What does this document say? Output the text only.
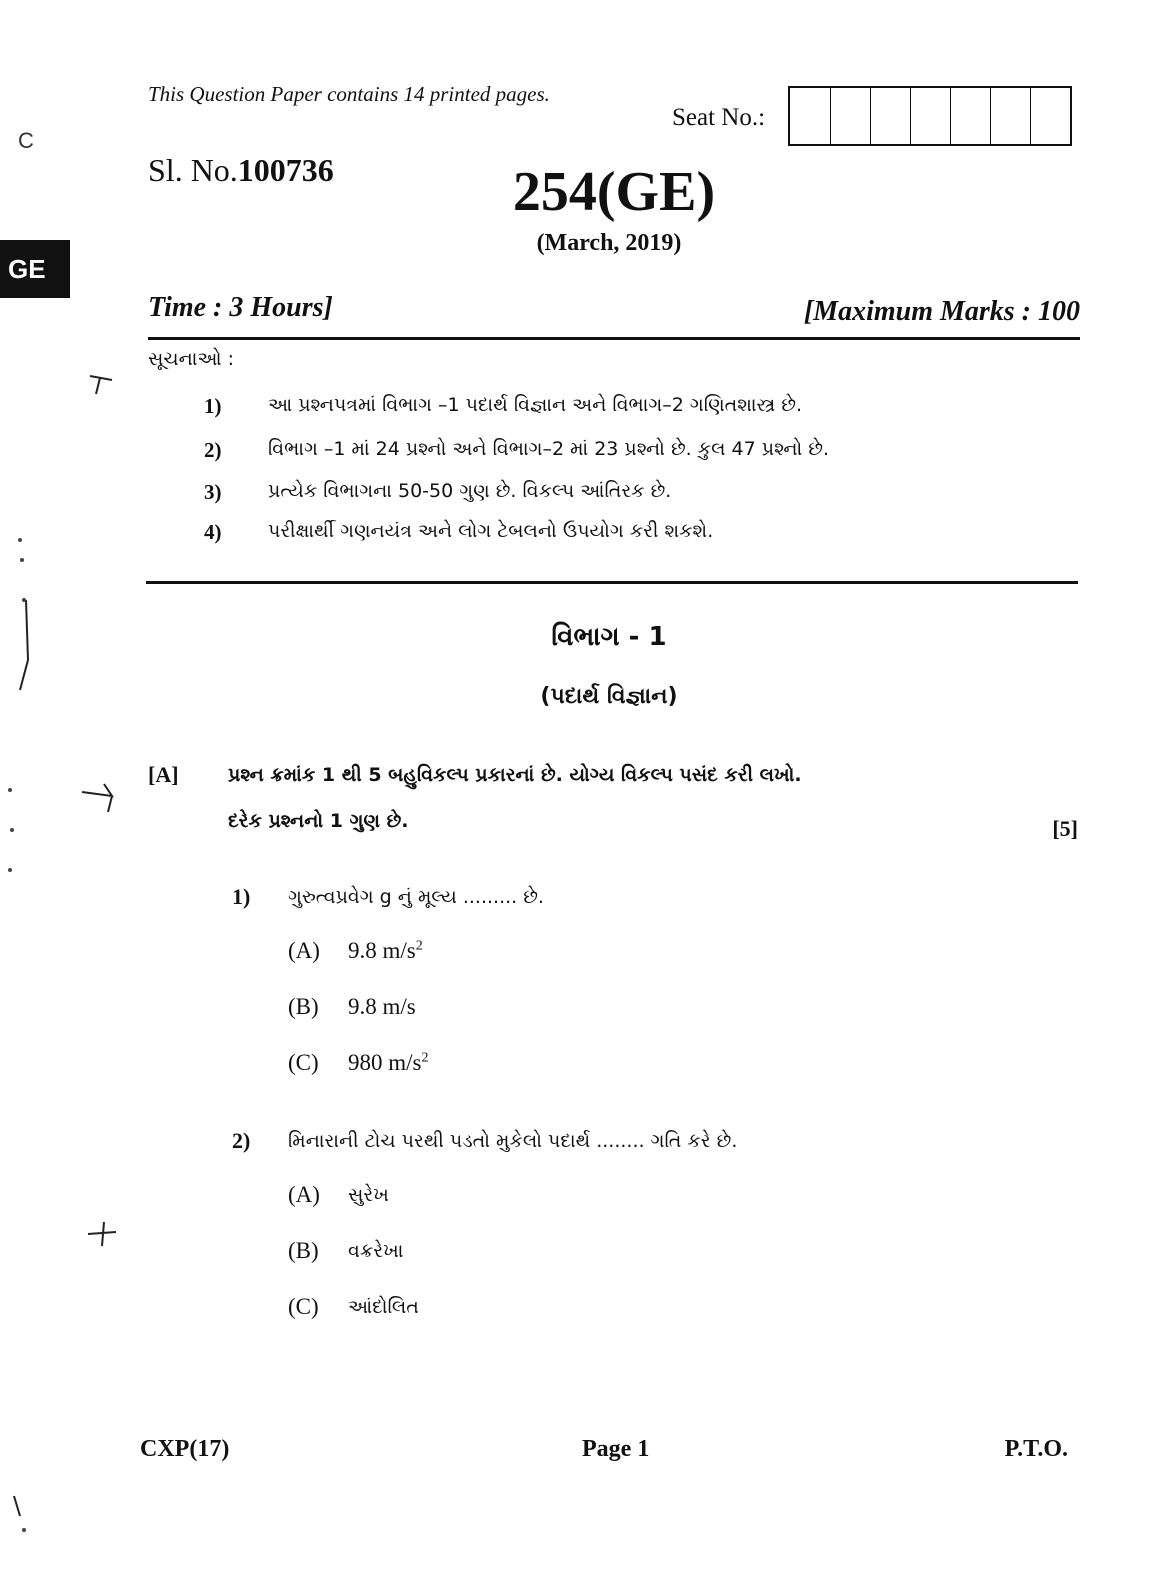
This Question Paper contains 14 printed pages.
C
GE
Seat No.:
Sl. No.100736	254(GE)
(March, 2019)
Time : 3 Hours]	[Maximum Marks : 100
સૂચનાઓ :
1)	આ પ્રશ્નપત્રમાં વિભાગ –1 પદાર્થ વિજ્ઞાન અને વિભાગ–2 ગણિતશાસ્ત્ર છે.
2)	વિભાગ –1 માં 24 પ્રશ્નો અને વિભાગ–2 માં 23 પ્રશ્નો છે. કુલ 47 પ્રશ્નો છે.
3)	પ્રત્યેક વિભાગના 50-50 ગુણ છે. વિકલ્પ આંતિરક છે.
4)	પરીક્ષાર્થી ગણનયંત્ર અને લોગ ટેબલનો ઉપયોગ કરી શકશે.
વિભાગ - 1
(પદાર્થ વિજ્ઞાન)
[A]	પ્રશ્ન ક્રમાંક 1 થી 5 બહુવિકલ્પ પ્રકારનાં છે. યોગ્ય વિકલ્પ પસંદ કરી લખો.
દરેક પ્રશ્નનો 1 ગુણ છે.	[5]
1) ગુરુત્વપ્રવેગ g નું મૂલ્ય ......... છે.
(A)	9.8 $m/s^2$
(B)	9.8 m/s
(C)	980 $m/s^2$
2) મિનારાની ટોચ પરથી પડતો મુકેલો પદાર્થ ........ ગતિ કરે છે.
(A)	સુરેખ
(B)	વક્રરેખા
(C)	આંદોલિત
CXP(17)	Page 1	P.T.O.
